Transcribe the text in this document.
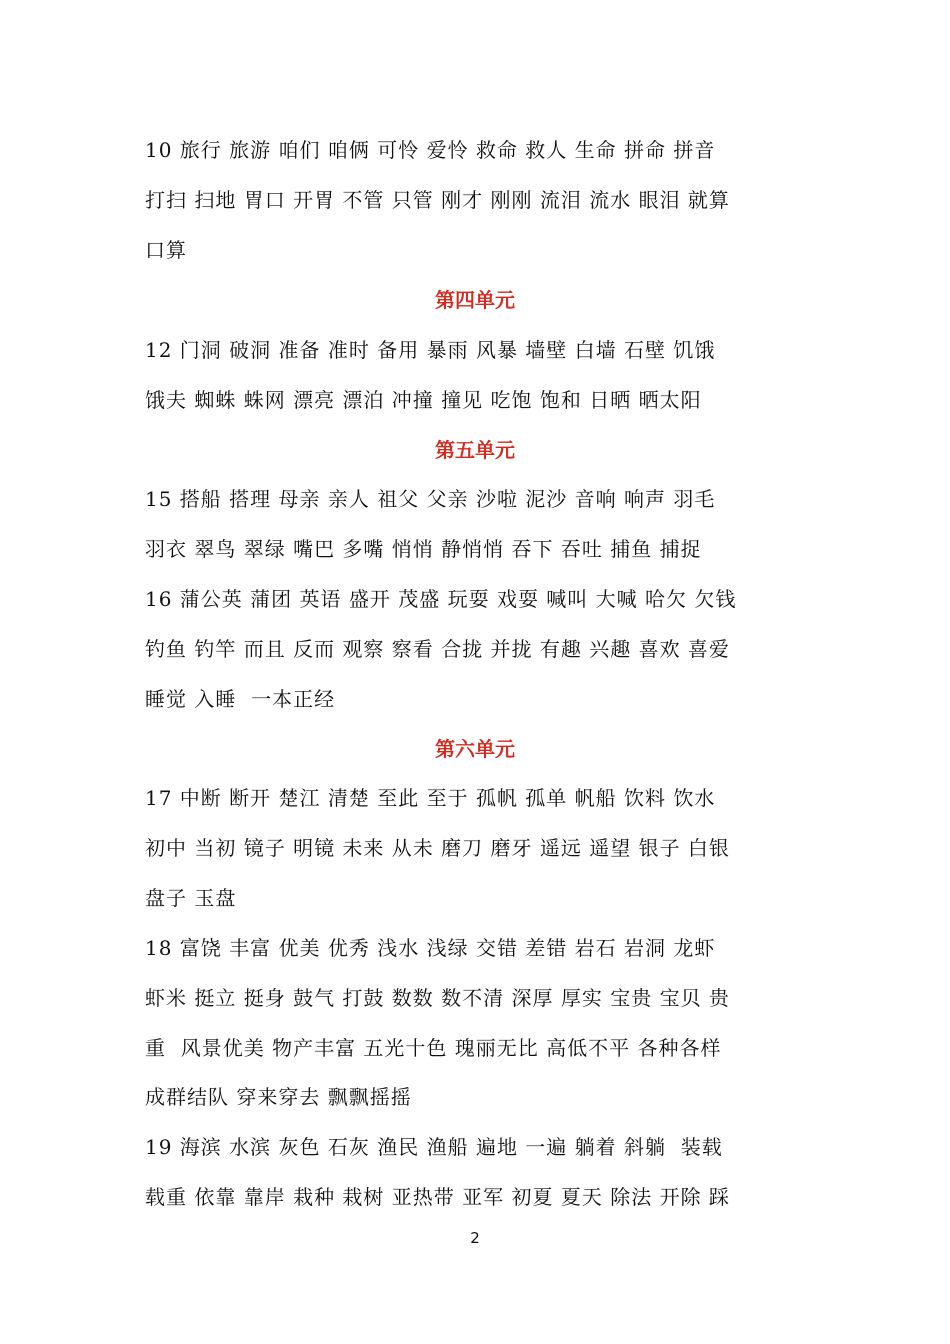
10 旅行 旅游 咱们 咱俩 可怜 爱怜 救命 救人 生命 拼命 拼音
打扫 扫地 胃口 开胃 不管 只管 刚才 刚刚 流泪 流水 眼泪 就算
口算
第四单元
12 门洞 破洞 准备 准时 备用 暴雨 风暴 墙壁 白墙 石壁 饥饿
饿夫 蜘蛛 蛛网 漂亮 漂泊 冲撞 撞见 吃饱 饱和 日晒 晒太阳
第五单元
15 搭船 搭理 母亲 亲人 祖父 父亲 沙啦 泥沙 音响 响声 羽毛
羽衣 翠鸟 翠绿 嘴巴 多嘴 悄悄 静悄悄 吞下 吞吐 捕鱼 捕捉
16 蒲公英 蒲团 英语 盛开 茂盛 玩耍 戏耍 喊叫 大喊 哈欠 欠钱
钓鱼 钓竿 而且 反而 观察 察看 合拢 并拢 有趣 兴趣 喜欢 喜爱
睡觉 入睡  一本正经
第六单元
17 中断 断开 楚江 清楚 至此 至于 孤帆 孤单 帆船 饮料 饮水
初中 当初 镜子 明镜 未来 从未 磨刀 磨牙 遥远 遥望 银子 白银
盘子 玉盘
18 富饶 丰富 优美 优秀 浅水 浅绿 交错 差错 岩石 岩洞 龙虾
虾米 挺立 挺身 鼓气 打鼓 数数 数不清 深厚 厚实 宝贵 宝贝 贵
重  风景优美 物产丰富 五光十色 瑰丽无比 高低不平 各种各样
成群结队 穿来穿去 飘飘摇摇
19 海滨 水滨 灰色 石灰 渔民 渔船 遍地 一遍 躺着 斜躺  装载
载重 依靠 靠岸 栽种 栽树 亚热带 亚军 初夏 夏天 除法 开除 踩
2
